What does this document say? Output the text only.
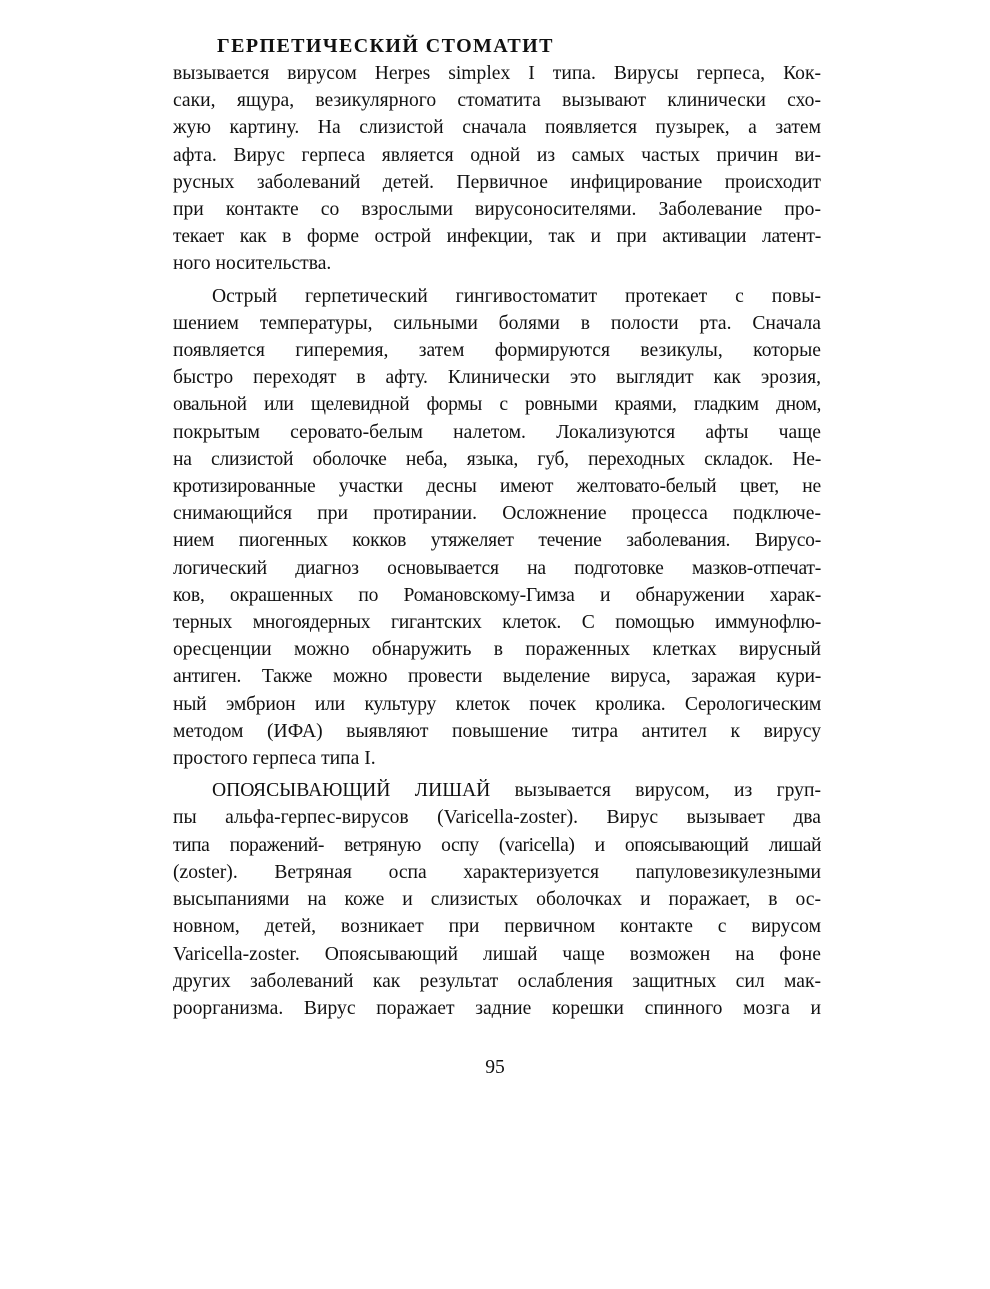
ГЕРПЕТИЧЕСКИЙ СТОМАТИТ
вызывается вирусом Herpes simplex I типа. Вирусы герпеса, Кок-
саки, ящура, везикулярного стоматита вызывают клинически схо-
жую картину. На слизистой сначала появляется пузырек, а затем
афта. Вирус герпеса является одной из самых частых причин ви-
русных заболеваний детей. Первичное инфицирование происходит
при контакте со взрослыми вирусоносителями. Заболевание про-
текает как в форме острой инфекции, так и при активации латент-
ного носительства.
Острый герпетический гингивостоматит протекает с повы-
шением температуры, сильными болями в полости рта. Сначала
появляется гиперемия, затем формируются везикулы, которые
быстро переходят в афту. Клинически это выглядит как эрозия,
овальной или щелевидной формы с ровными краями, гладким дном,
покрытым серовато-белым налетом. Локализуются афты чаще
на слизистой оболочке неба, языка, губ, переходных складок. Не-
кротизированные участки десны имеют желтовато-белый цвет, не
снимающийся при протирании. Осложнение процесса подключе-
нием пиогенных кокков утяжеляет течение заболевания. Вирусо-
логический диагноз основывается на подготовке мазков-отпечат-
ков, окрашенных по Романовскому-Гимза и обнаружении харак-
терных многоядерных гигантских клеток. С помощью иммунофлю-
оресценции можно обнаружить в пораженных клетках вирусный
антиген. Также можно провести выделение вируса, заражая кури-
ный эмбрион или культуру клеток почек кролика. Серологическим
методом (ИФА) выявляют повышение титра антител к вирусу
простого герпеса типа I.
ОПОЯСЫВАЮЩИЙ ЛИШАЙ вызывается вирусом, из груп-
пы альфа-герпес-вирусов (Varicella-zoster). Вирус вызывает два
типа поражений- ветряную оспу (varicella) и опоясывающий лишай
(zoster). Ветряная оспа характеризуется папуловезикулезными
высыпаниями на коже и слизистых оболочках и поражает, в ос-
новном, детей, возникает при первичном контакте с вирусом
Varicella-zoster. Опоясывающий лишай чаще возможен на фоне
других заболеваний как результат ослабления защитных сил мак-
роорганизма. Вирус поражает задние корешки спинного мозга и
95
